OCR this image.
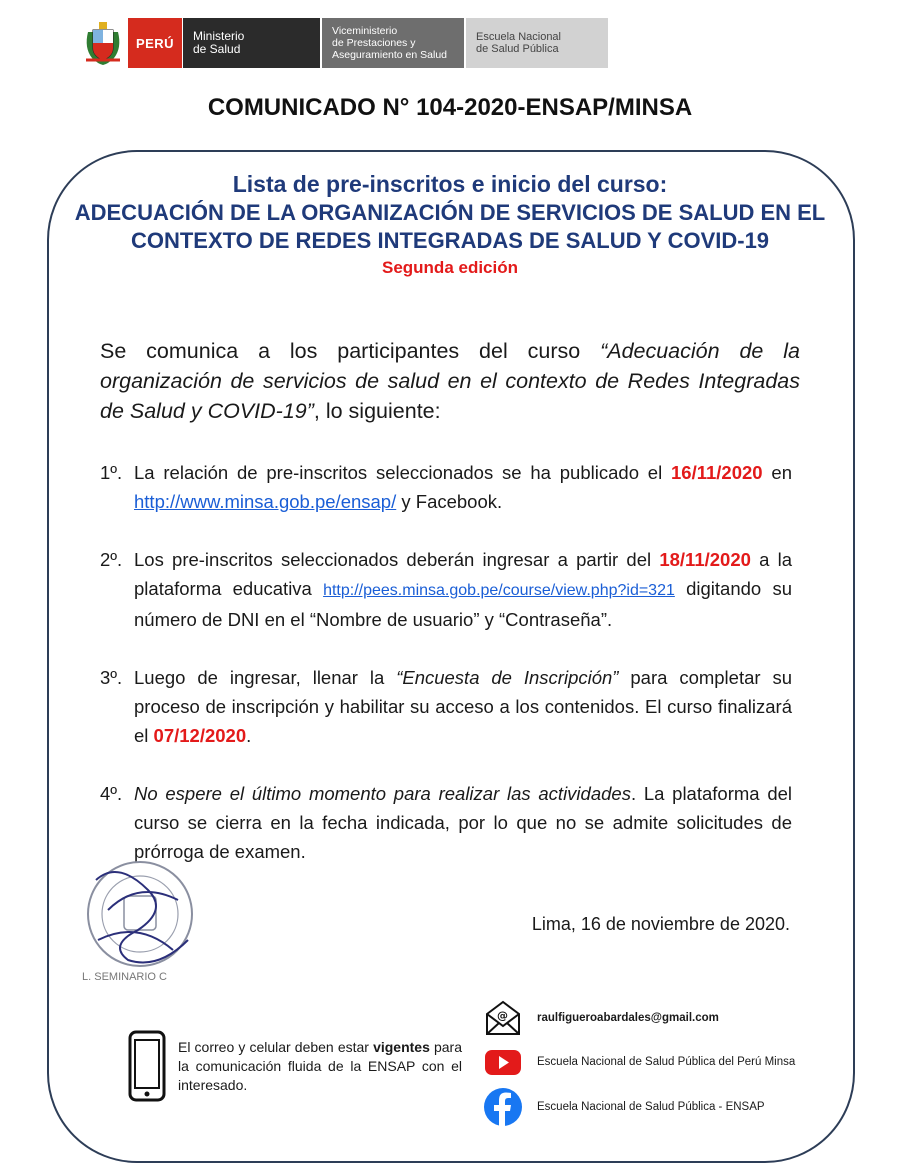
PERÚ	Ministerio
de Salud
Viceministerio
de Prestaciones y
Aseguramiento en Salud
Escuela Nacional
de Salud Pública
COMUNICADO N° 104-2020-ENSAP/MINSA
Lista de pre-inscritos e inicio del curso:
ADECUACIÓN DE LA ORGANIZACIÓN DE SERVICIOS DE SALUD EN EL CONTEXTO DE REDES INTEGRADAS DE SALUD Y COVID-19
Segunda edición
Se comunica a los participantes del curso “Adecuación de la organización de servicios de salud en el contexto de Redes Integradas de Salud y COVID-19”, lo siguiente:
1º. La relación de pre-inscritos seleccionados se ha publicado el 16/11/2020 en http://www.minsa.gob.pe/ensap/ y Facebook.
2º. Los pre-inscritos seleccionados deberán ingresar a partir del 18/11/2020 a la plataforma educativa http://pees.minsa.gob.pe/course/view.php?id=321 digitando su número de DNI en el “Nombre de usuario” y “Contraseña”.
3º. Luego de ingresar, llenar la “Encuesta de Inscripción” para completar su proceso de inscripción y habilitar su acceso a los contenidos. El curso finalizará el 07/12/2020.
4º. No espere el último momento para realizar las actividades. La plataforma del curso se cierra en la fecha indicada, por lo que no se admite solicitudes de prórroga de examen.
L. SEMINARIO C
Lima, 16 de noviembre de 2020.
El correo y celular deben estar vigentes para la comunicación fluida de la ENSAP con el interesado.
@	raulfigueroabardales@gmail.com
Escuela Nacional de Salud Pública del Perú Minsa
Escuela Nacional de Salud Pública - ENSAP
